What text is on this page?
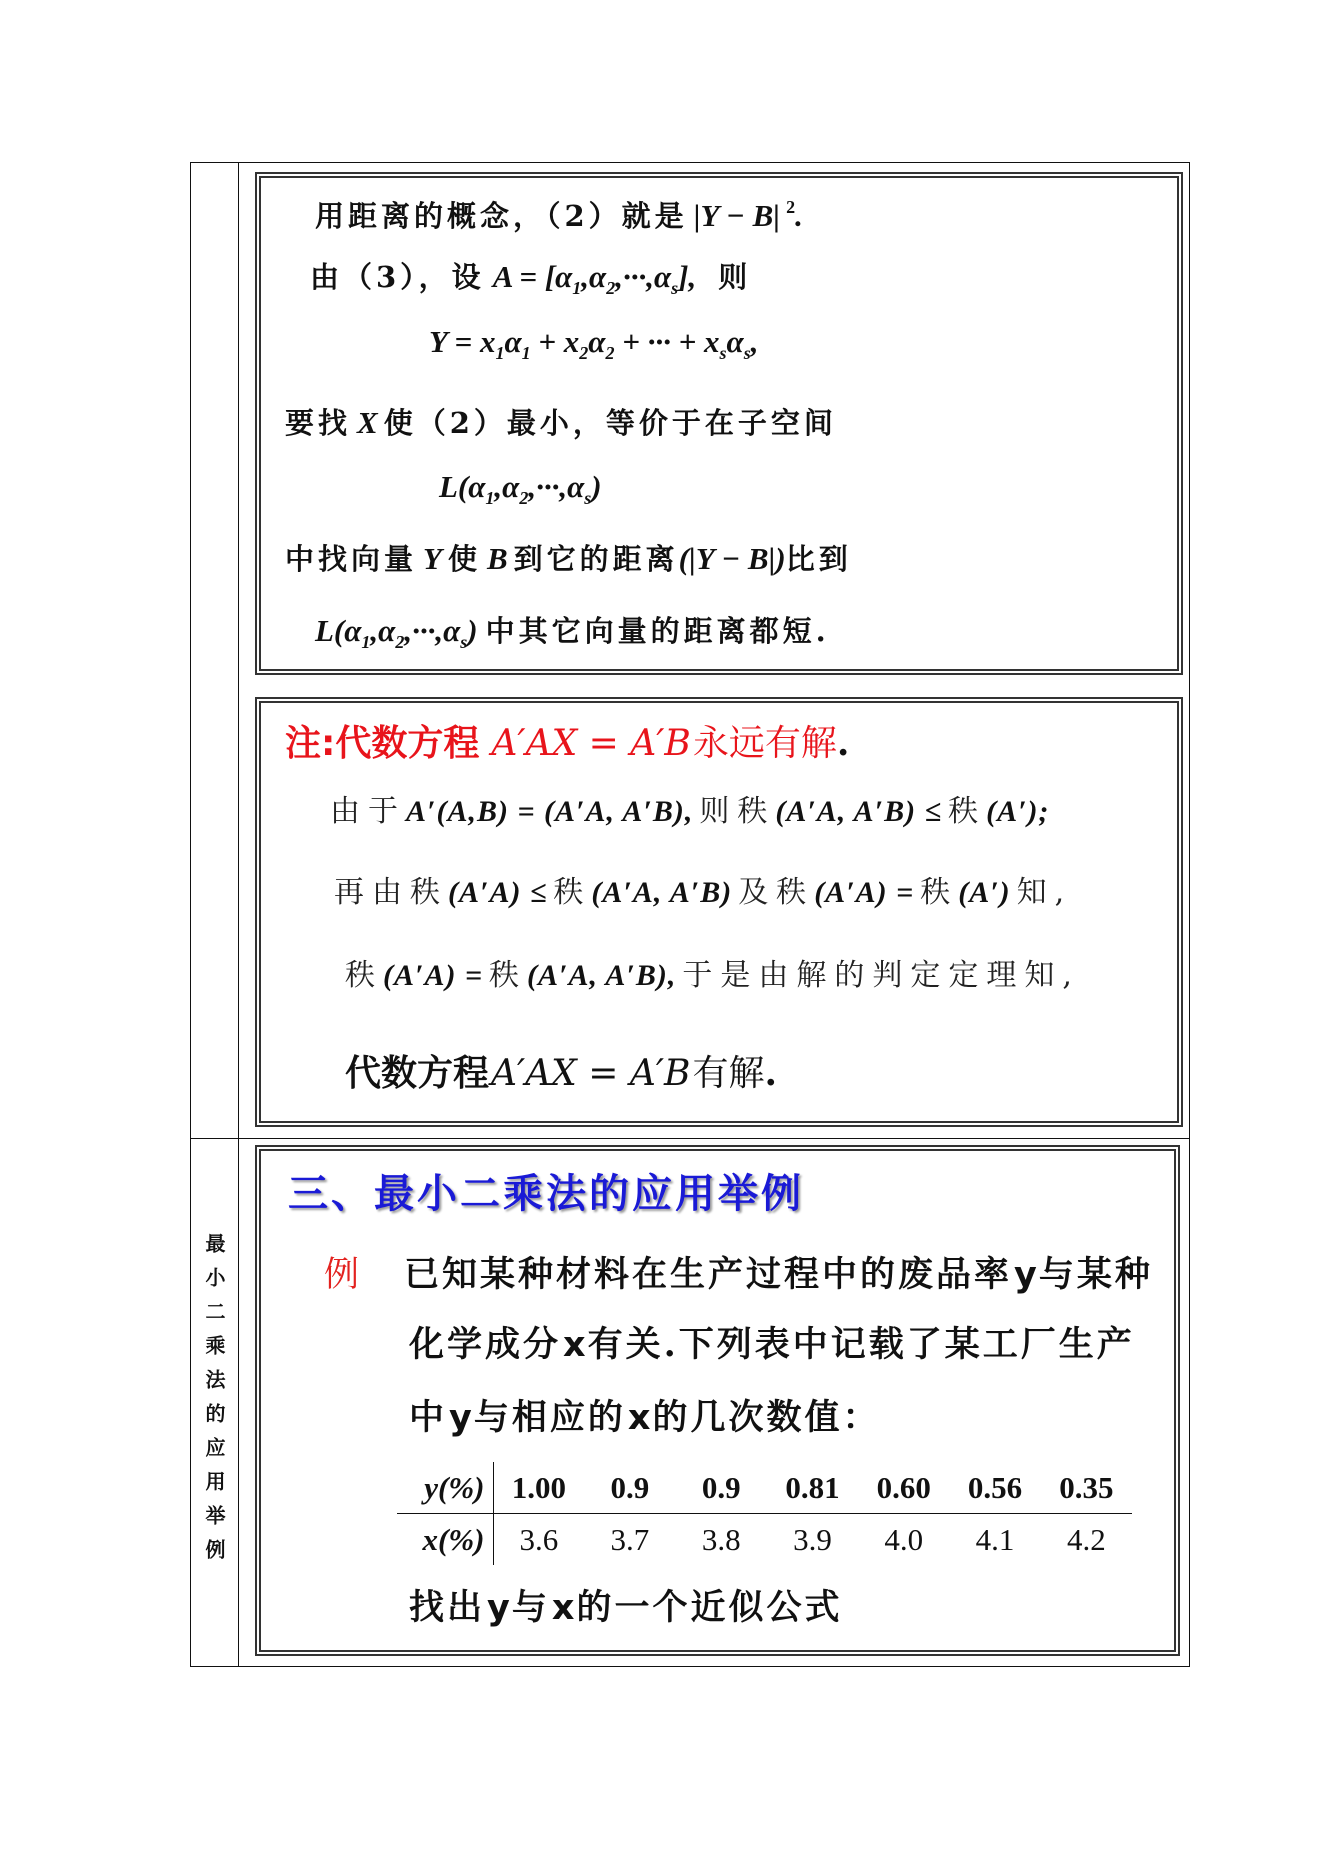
最小二乘法的应用举例
用距离的概念，（2）就是 |Y − B| $^2$.
由（3），设 $A = [\alpha_1,\alpha_2,\cdot\cdot\cdot,\alpha_s]$, 则
$Y = x_1\alpha_1 + x_2\alpha_2$ + ··· + $x_s\alpha_s$,
要找 X 使（2）最小，等价于在子空间
$L(\alpha_1,\alpha_2,\cdot\cdot\cdot,\alpha_s)$
中找向量 Y 使 B 到它的距离(|Y − B|)比到
$L(\alpha_1,\alpha_2,\cdot\cdot\cdot,\alpha_s)$ 中其它向量的距离都短.
注:代数方程 A′AX = A′B永远有解.
由于A′(A,B) = (A′A, A′B), 则秩(A′A, A′B) ≤ 秩(A′);
再由秩(A′A) ≤ 秩(A′A, A′B) 及秩(A′A) = 秩(A′) 知,
秩(A′A) = 秩(A′A, A′B), 于是由解的判定定理知,
代数方程A′AX = A′B有解.
三、最小二乘法的应用举例
例 已知某种材料在生产过程中的废品率y与某种
化学成分x有关.下列表中记载了某工厂生产
中y与相应的x的几次数值：
y(%)	1.00	0.9	0.9	0.81	0.60	0.56	0.35
x(%)	3.6	3.7	3.8	3.9	4.0	4.1	4.2
找出y与x的一个近似公式
